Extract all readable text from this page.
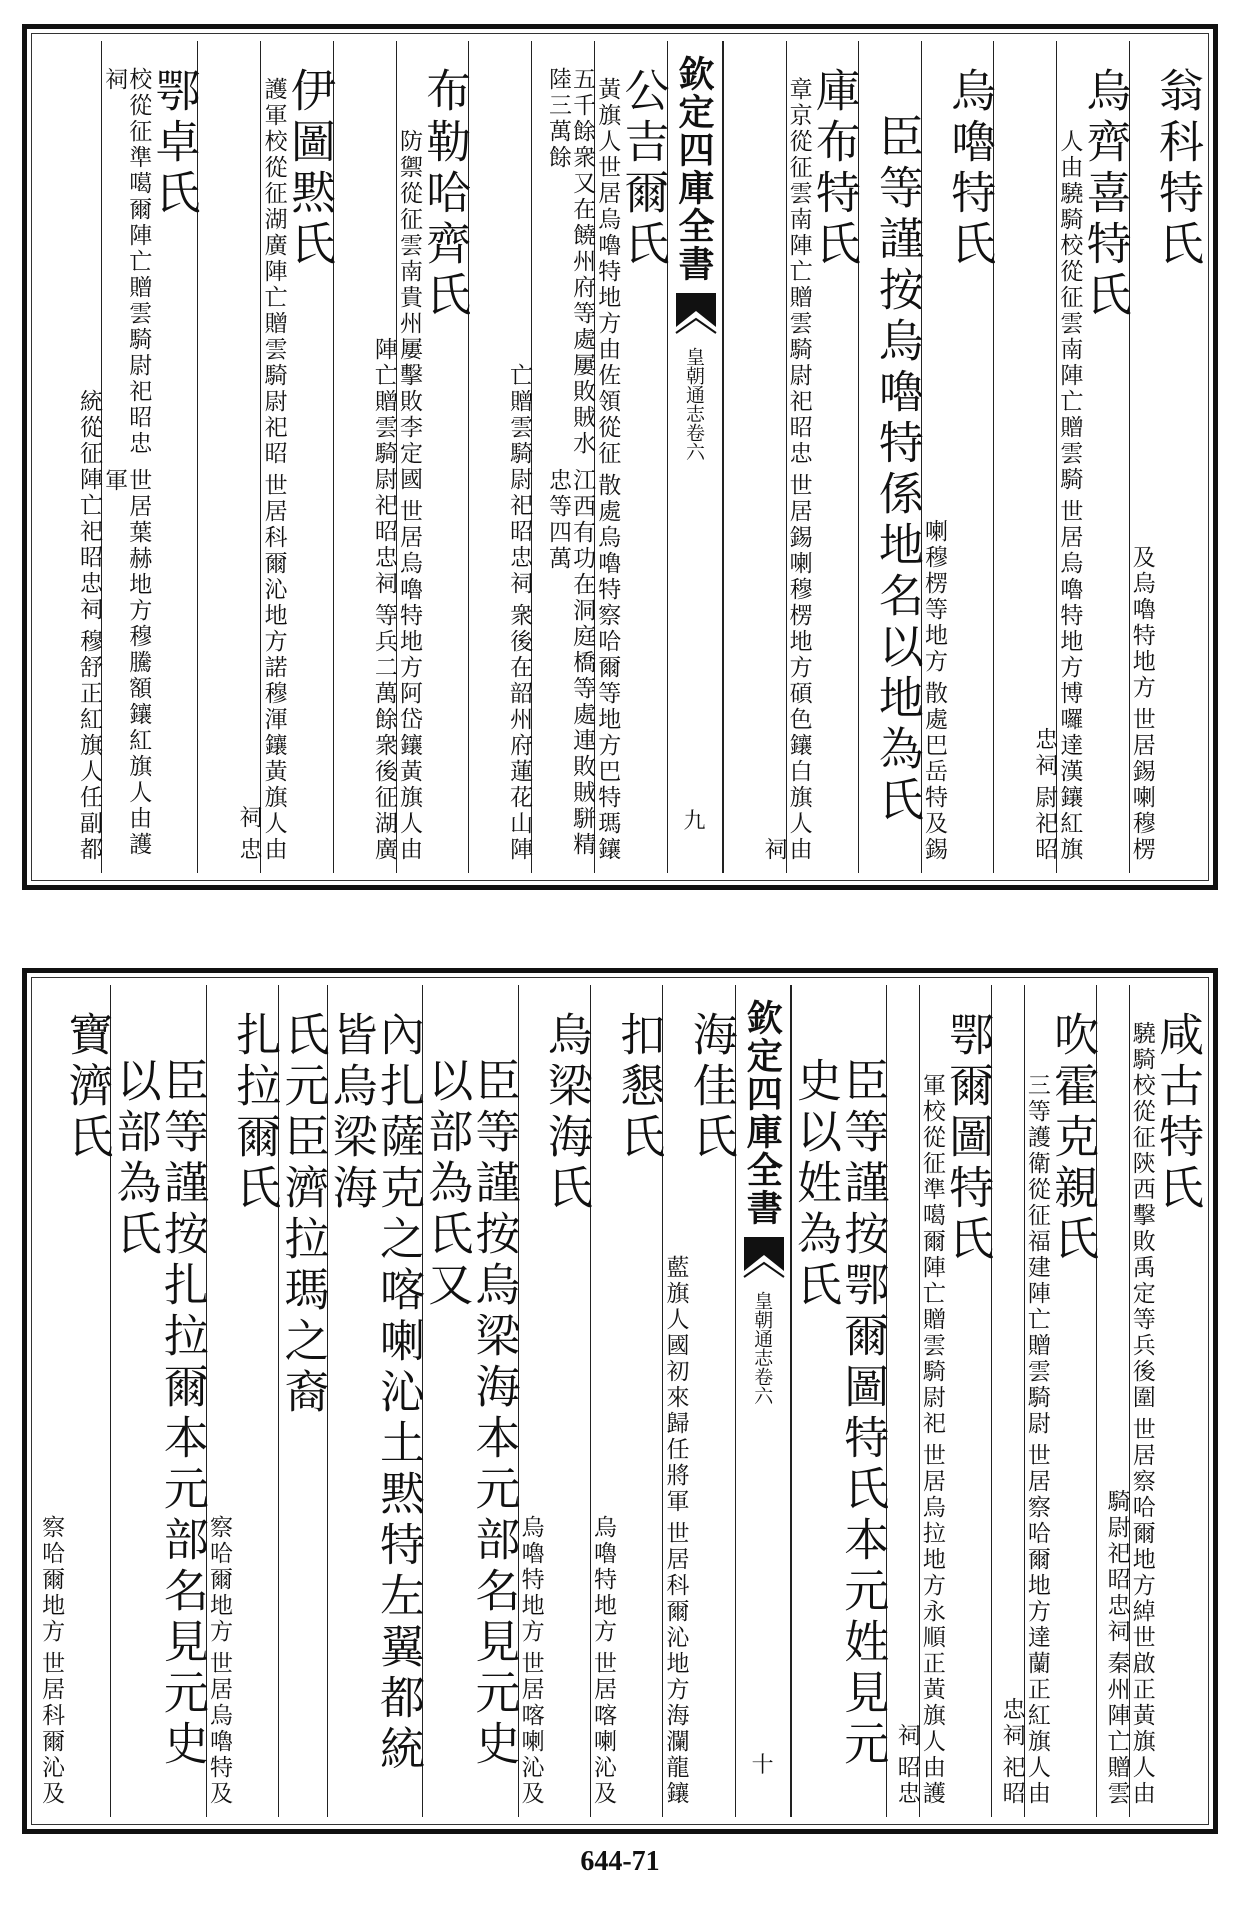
翁科特氏
世居錫喇穆楞
及烏嚕特地方
烏齊喜特氏
世居烏嚕特地方博囉達漢鑲紅旗
人由驍騎校從征雲南陣亡贈雲騎
尉祀昭
忠祠
烏嚕特氏
散處巴岳特及錫
喇穆楞等地方
臣等謹按烏嚕特係地名以地為氏
庫布特氏
世居錫喇穆楞地方碩色鑲白旗人由
章京從征雲南陣亡贈雲騎尉祀昭忠
祠
欽定四庫全書
皇朝通志卷六
九
公吉爾氏
散處烏嚕特察哈爾等地方巴特瑪鑲
黃旗人世居烏嚕特地方由佐領從征
江西有功在洞庭橋等處連敗賊駢精忠等四萬
五千餘衆又在饒州府等處屢敗賊水陸三萬餘
衆後在韶州府蓮花山陣
亡贈雲騎尉祀昭忠祠
布勒哈齊氏
世居烏嚕特地方阿岱鑲黃旗人由
防禦從征雲南貴州屢擊敗李定國
等兵二萬餘衆後征湖廣
陣亡贈雲騎尉祀昭忠祠
伊圖黙氏
世居科爾沁地方諾穆渾鑲黃旗人由
護軍校從征湖廣陣亡贈雲騎尉祀昭
忠
祠
鄂卓氏
世居葉赫地方穆騰額鑲紅旗人由護軍
校從征準噶爾陣亡贈雲騎尉祀昭忠祠
穆舒正紅旗人任副都
統從征陣亡祀昭忠祠
咸古特氏
世居察哈爾地方綽世啟正黃旗人由
驍騎校從征陝西擊敗禹定等兵後圍
秦州陣亡贈雲
騎尉祀昭忠祠
吹霍克親氏
世居察哈爾地方達蘭正紅旗人由
三等護衛從征福建陣亡贈雲騎尉
祀昭
忠祠
鄂爾圖特氏
世居烏拉地方永順正黃旗人由護
軍校從征準噶爾陣亡贈雲騎尉祀
昭忠
祠
臣等謹按鄂爾圖特氏本元姓見元史以姓為氏
欽定四庫全書
皇朝通志卷六
十
海佳氏
世居科爾沁地方海瀾龍鑲
藍旗人國初來歸任將軍
扣懇氏
世居喀喇沁及
烏嚕特地方
烏梁海氏
世居喀喇沁及
烏嚕特地方
臣等謹按烏梁海本元部名見元史以部為氏又
內扎薩克之喀喇沁土黙特左翼都統皆烏梁海
氏元臣濟拉瑪之裔
扎拉爾氏
世居烏嚕特及
察哈爾地方
臣等謹按扎拉爾本元部名見元史以部為氏
寶濟氏
世居科爾沁及
察哈爾地方
644-71
